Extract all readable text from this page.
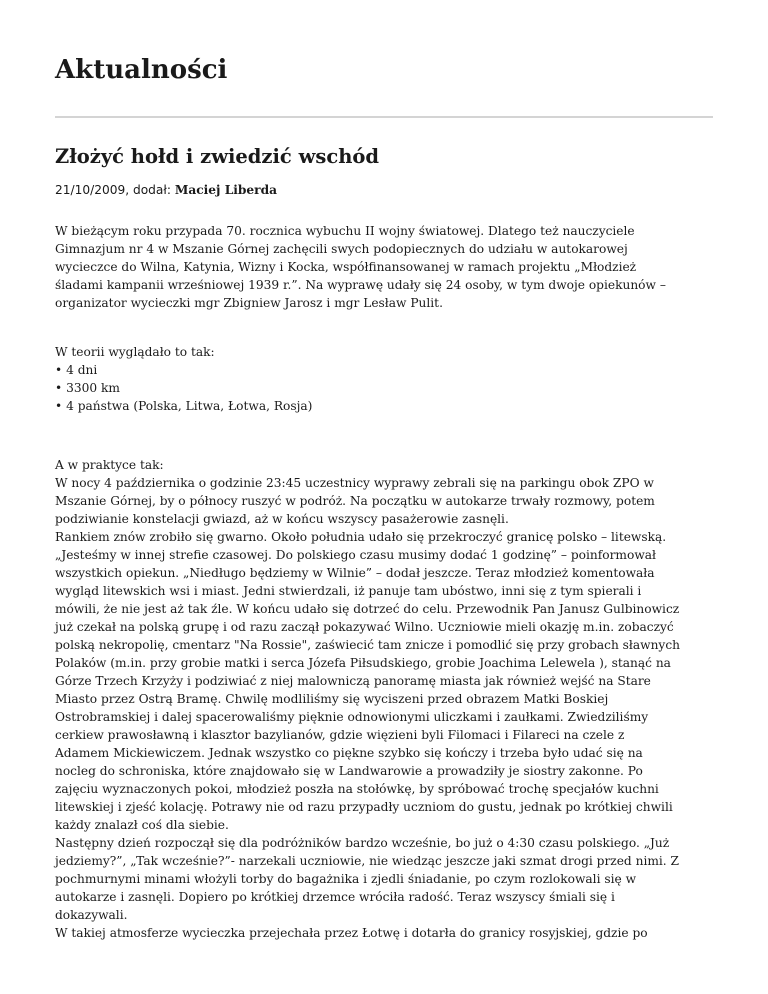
Aktualności
Złożyć hołd i zwiedzić wschód
21/10/2009, dodał: Maciej Liberda
W bieżącym roku przypada 70. rocznica wybuchu II wojny światowej. Dlatego też nauczyciele
Gimnazjum nr 4 w Mszanie Górnej zachęcili swych podopiecznych do udziału w autokarowej
wycieczce do Wilna, Katynia, Wizny i Kocka, współfinansowanej w ramach projektu „Młodzież
śladami kampanii wrześniowej 1939 r.”. Na wyprawę udały się 24 osoby, w tym dwoje opiekunów –
organizator wycieczki mgr Zbigniew Jarosz i mgr Lesław Pulit.
W teorii wyglądało to tak:
• 4 dni
• 3300 km
• 4 państwa (Polska, Litwa, Łotwa, Rosja)
A w praktyce tak:
W nocy 4 października o godzinie 23:45 uczestnicy wyprawy zebrali się na parkingu obok ZPO w
Mszanie Górnej, by o północy ruszyć w podróż. Na początku w autokarze trwały rozmowy, potem
podziwianie konstelacji gwiazd, aż w końcu wszyscy pasażerowie zasnęli.
Rankiem znów zrobiło się gwarno. Około południa udało się przekroczyć granicę polsko – litewską.
„Jesteśmy w innej strefie czasowej. Do polskiego czasu musimy dodać 1 godzinę” – poinformował
wszystkich opiekun. „Niedługo będziemy w Wilnie” – dodał jeszcze. Teraz młodzież komentowała
wygląd litewskich wsi i miast. Jedni stwierdzali, iż panuje tam ubóstwo, inni się z tym spierali i
mówili, że nie jest aż tak źle. W końcu udało się dotrzeć do celu. Przewodnik Pan Janusz Gulbinowicz
już czekał na polską grupę i od razu zaczął pokazywać Wilno. Uczniowie mieli okazję m.in. zobaczyć
polską nekropolię, cmentarz "Na Rossie", zaświecić tam znicze i pomodlić się przy grobach sławnych
Polaków (m.in. przy grobie matki i serca Józefa Piłsudskiego, grobie Joachima Lelewela ), stanąć na
Górze Trzech Krzyży i podziwiać z niej malowniczą panoramę miasta jak również wejść na Stare
Miasto przez Ostrą Bramę. Chwilę modliliśmy się wyciszeni przed obrazem Matki Boskiej
Ostrobramskiej i dalej spacerowaliśmy pięknie odnowionymi uliczkami i zaułkami. Zwiedziliśmy
cerkiew prawosławną i klasztor bazylianów, gdzie więzieni byli Filomaci i Filareci na czele z
Adamem Mickiewiczem. Jednak wszystko co piękne szybko się kończy i trzeba było udać się na
nocleg do schroniska, które znajdowało się w Landwarowie a prowadziły je siostry zakonne. Po
zajęciu wyznaczonych pokoi, młodzież poszła na stołówkę, by spróbować trochę specjałów kuchni
litewskiej i zjeść kolację. Potrawy nie od razu przypadły uczniom do gustu, jednak po krótkiej chwili
każdy znalazł coś dla siebie.
Następny dzień rozpoczął się dla podróżników bardzo wcześnie, bo już o 4:30 czasu polskiego. „Już
jedziemy?”, „Tak wcześnie?”- narzekali uczniowie, nie wiedząc jeszcze jaki szmat drogi przed nimi. Z
pochmurnymi minami włożyli torby do bagażnika i zjedli śniadanie, po czym rozlokowali się w
autokarze i zasnęli. Dopiero po krótkiej drzemce wróciła radość. Teraz wszyscy śmiali się i
dokazywali.
W takiej atmosferze wycieczka przejechała przez Łotwę i dotarła do granicy rosyjskiej, gdzie po
